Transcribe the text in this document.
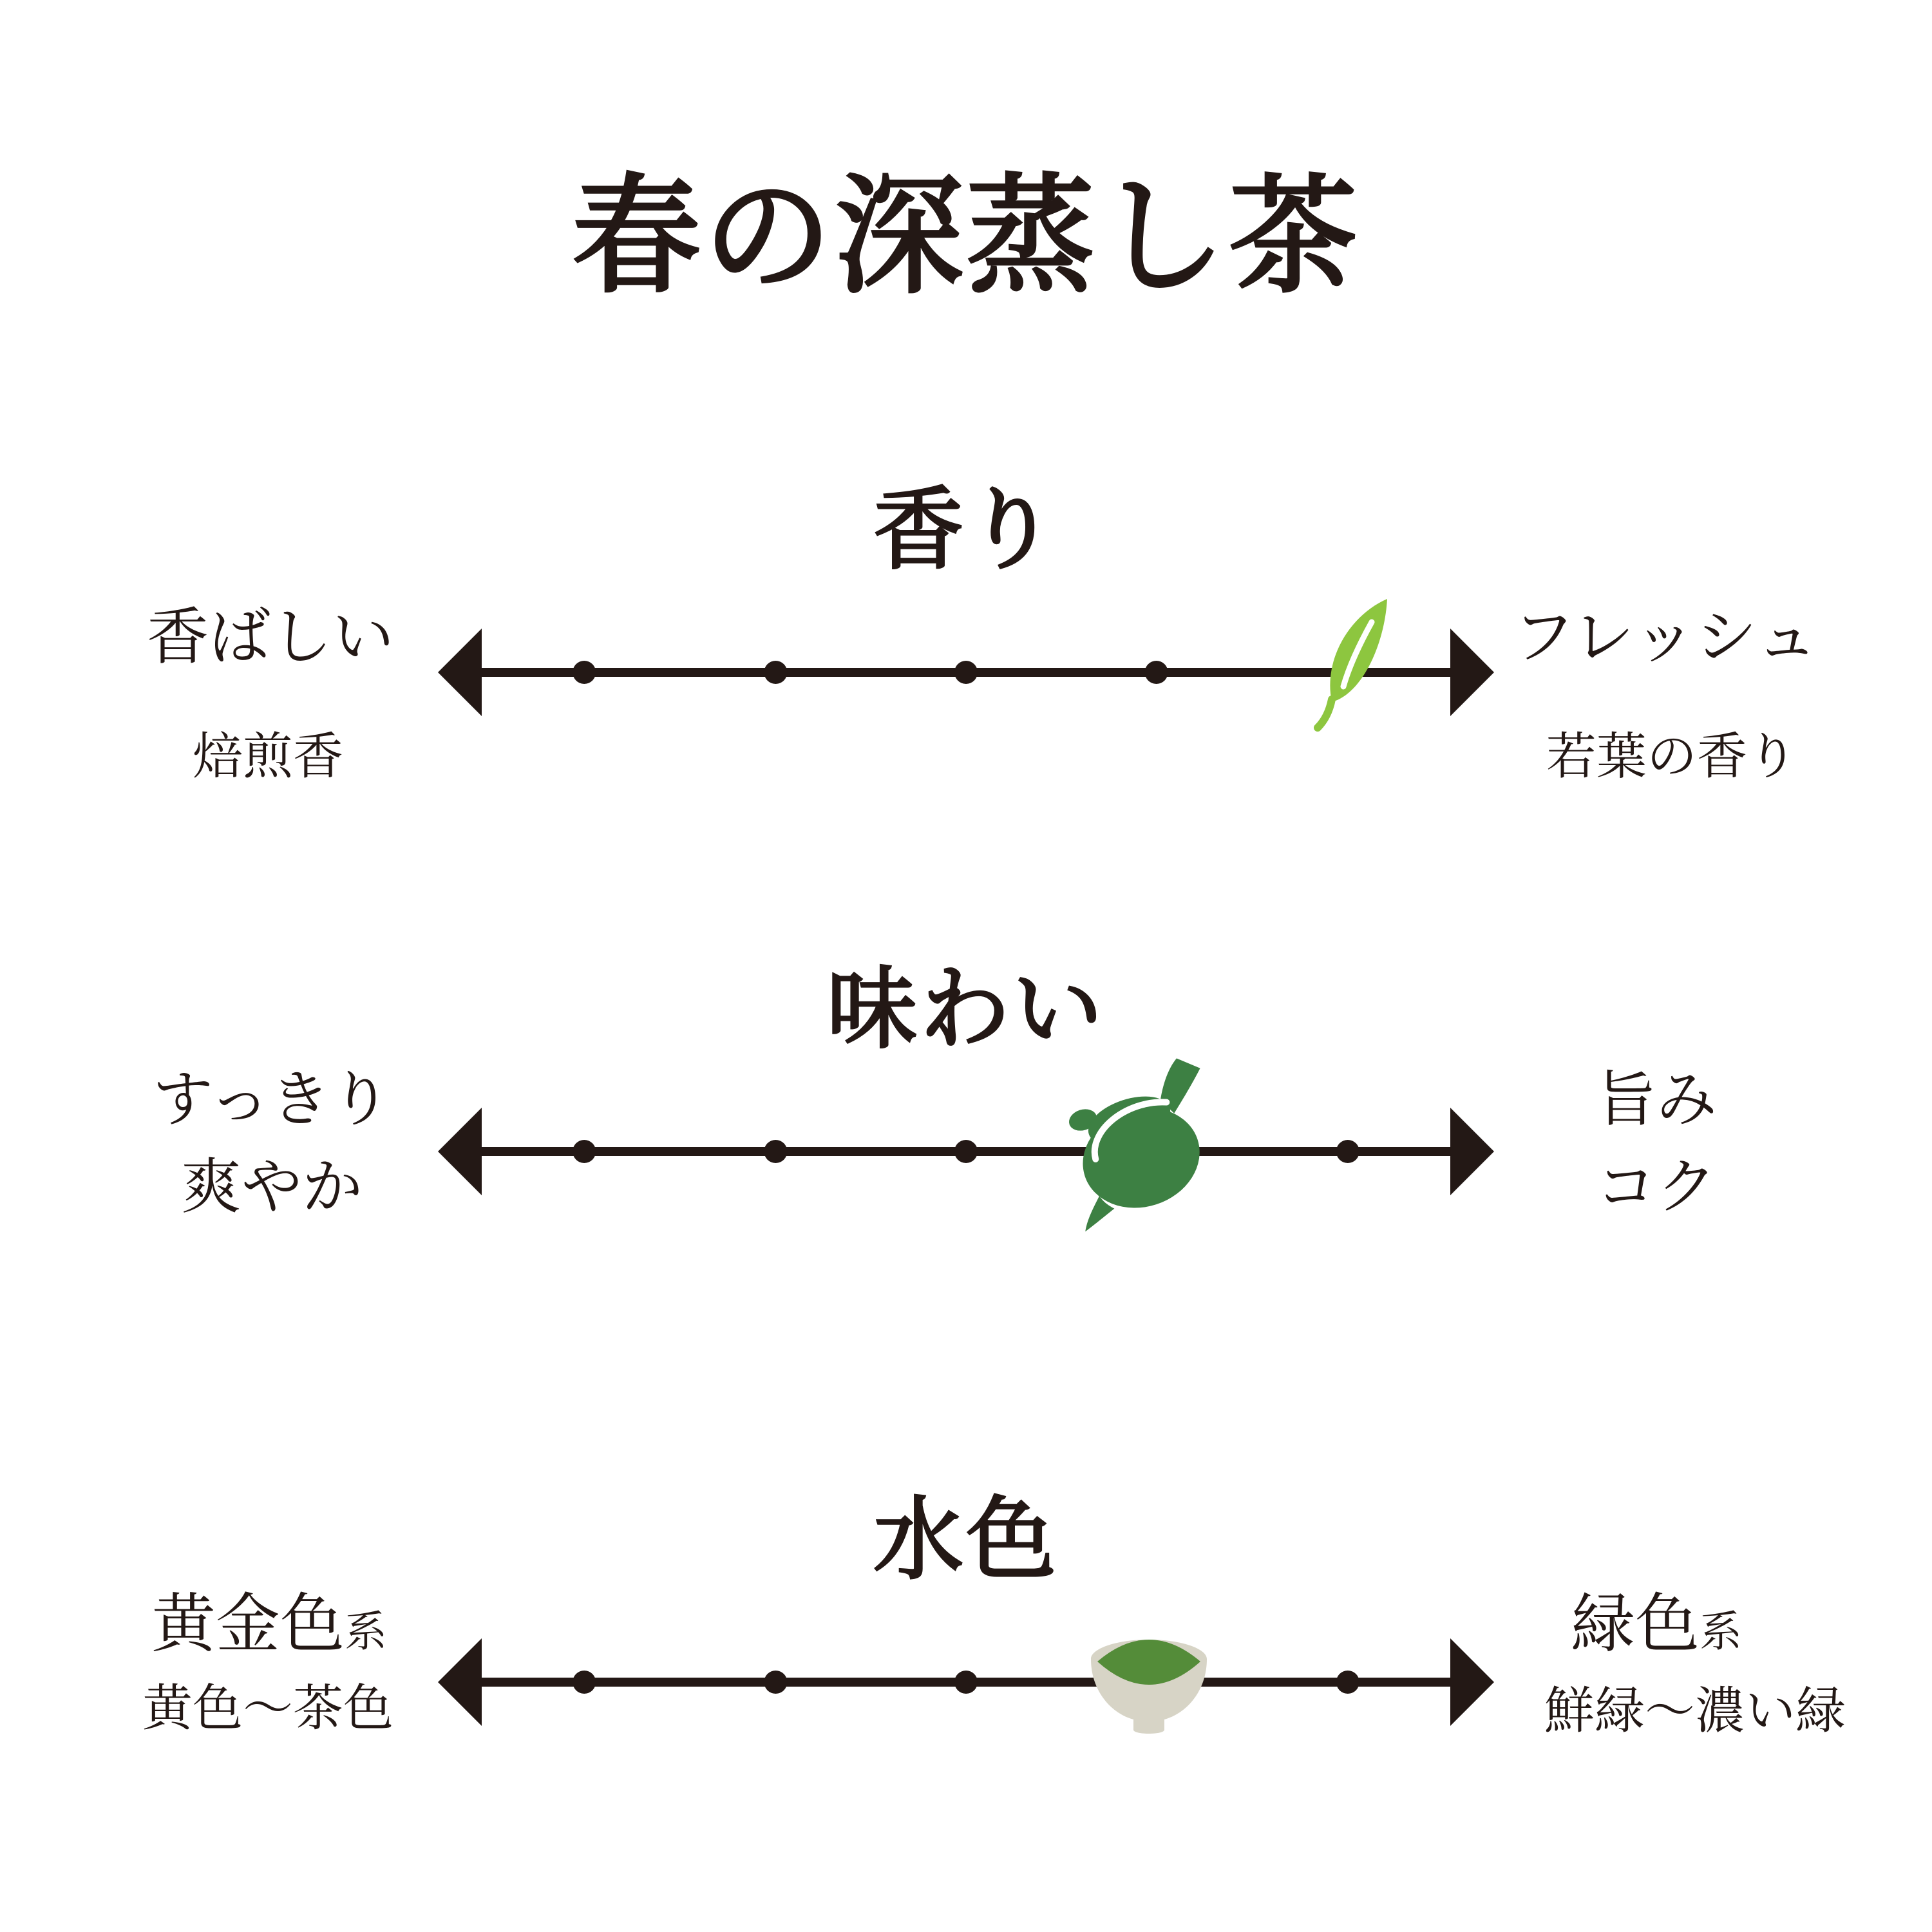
春の深蒸し茶
香り
香ばしい
焙煎香
フレッシュ
若葉の香り
味わい
すっきり
爽やか
旨み
コク
水色
黄金色系
黄色〜茶色
緑色系
鮮緑〜濃い緑
